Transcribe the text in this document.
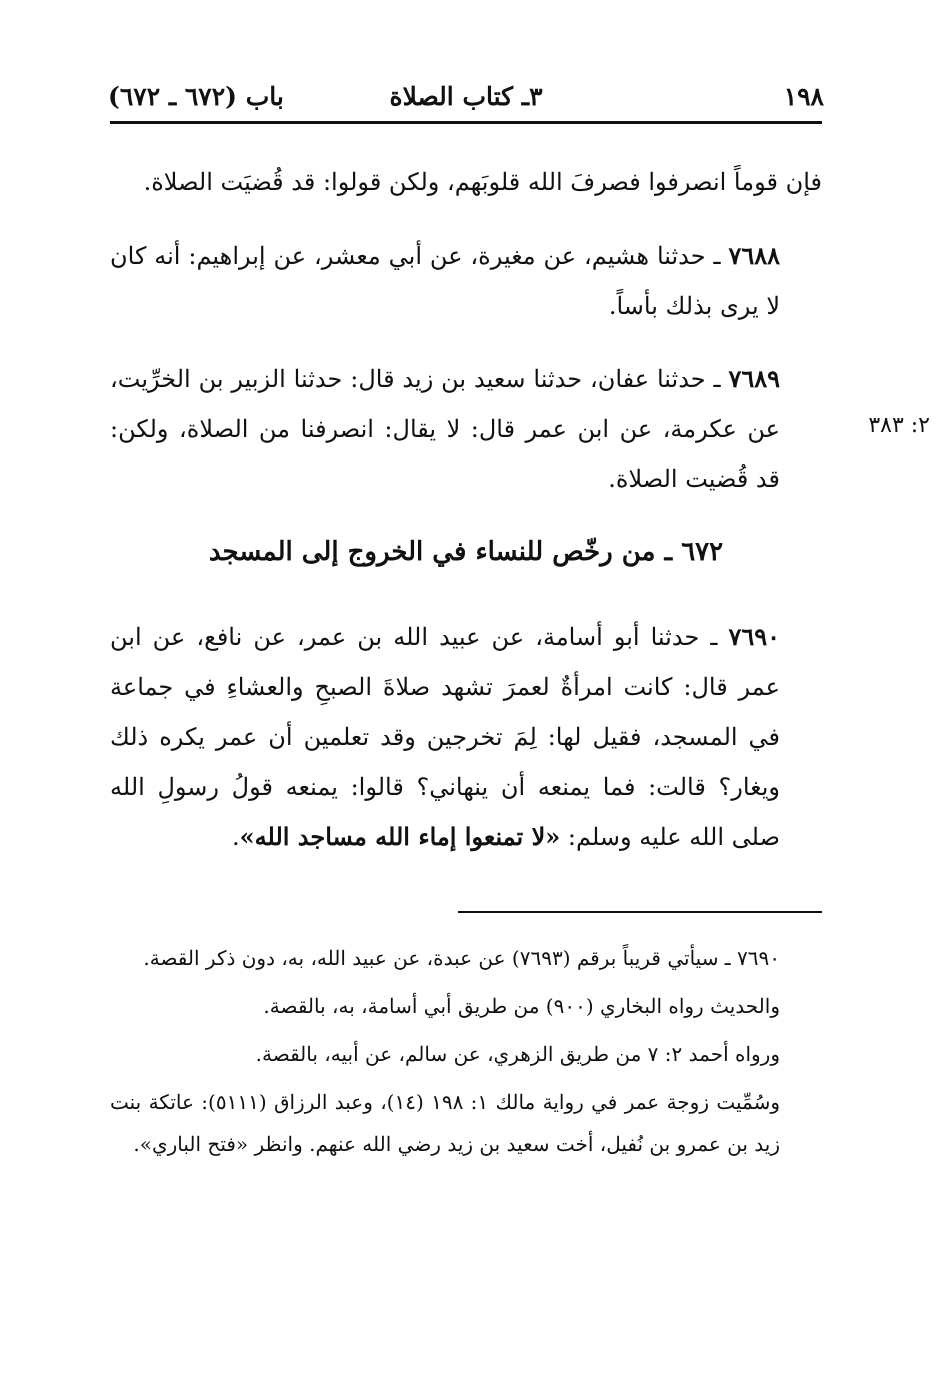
١٩٨
٣ـ كتاب الصلاة
باب (٦٧٢ ـ ٦٧٢)

فإن قوماً انصرفوا فصرفَ الله قلوبَهم، ولكن قولوا: قد قُضيَت الصلاة.

٧٦٨٨ ـ حدثنا هشيم، عن مغيرة، عن أبي معشر، عن إبراهيم: أنه كان لا يرى بذلك بأساً.

٧٦٨٩ ـ حدثنا عفان، حدثنا سعيد بن زيد قال: حدثنا الزبير بن الخرِّيت، عن عكرمة، عن ابن عمر قال: لا يقال: انصرفنا من الصلاة، ولكن: قد قُضيت الصلاة.

٢: ٣٨٣
٦٧٢ ـ من رخّص للنساء في الخروج إلى المسجد

٧٦٩٠ ـ حدثنا أبو أسامة، عن عبيد الله بن عمر، عن نافع، عن ابن عمر قال: كانت امرأةٌ لعمرَ تشهد صلاةَ الصبحِ والعشاءِ في جماعة في المسجد، فقيل لها: لِمَ تخرجين وقد تعلمين أن عمر يكره ذلك ويغار؟ قالت: فما يمنعه أن ينهاني؟ قالوا: يمنعه قولُ رسولِ الله صلى الله عليه وسلم: «لا تمنعوا إماء الله مساجد الله».

٧٦٩٠ ـ سيأتي قريباً برقم (٧٦٩٣) عن عبدة، عن عبيد الله، به، دون ذكر القصة.

والحديث رواه البخاري (٩٠٠) من طريق أبي أسامة، به، بالقصة.

ورواه أحمد ٢: ٧ من طريق الزهري، عن سالم، عن أبيه، بالقصة.

وسُمِّيت زوجة عمر في رواية مالك ١: ١٩٨ (١٤)، وعبد الرزاق (٥١١١): عاتكة بنت زيد بن عمرو بن نُفيل، أخت سعيد بن زيد رضي الله عنهم. وانظر «فتح الباري».
